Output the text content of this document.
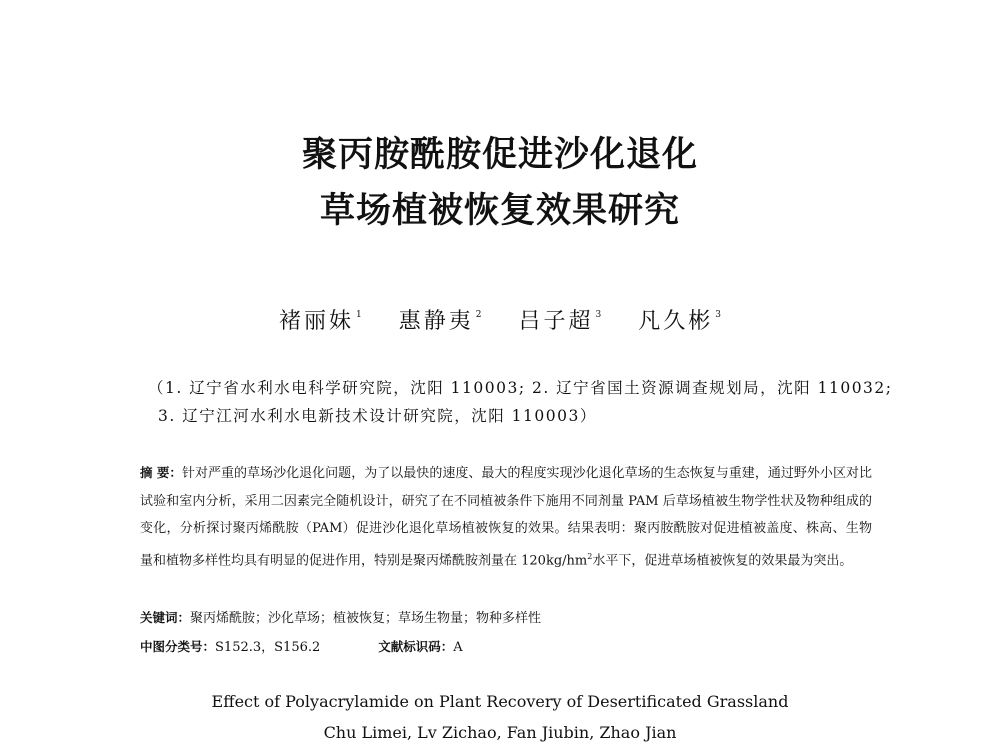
聚丙胺酰胺促进沙化退化
草场植被恢复效果研究
褚丽妹 $^1$ 惠静夷 $^2$ 吕子超 $^3$ 凡久彬 $^3$
（1. 辽宁省水利水电科学研究院，沈阳 110003; 2. 辽宁省国土资源调查规划局，沈阳 110032;
3. 辽宁江河水利水电新技术设计研究院，沈阳 110003）
摘 要：针对严重的草场沙化退化问题，为了以最快的速度、最大的程度实现沙化退化草场的生态恢复与重建，通过野外小区对比试验和室内分析，采用二因素完全随机设计，研究了在不同植被条件下施用不同剂量 PAM 后草场植被生物学性状及物种组成的变化，分析探讨聚丙烯酰胺（PAM）促进沙化退化草场植被恢复的效果。结果表明：聚丙胺酰胺对促进植被盖度、株高、生物量和植物多样性均具有明显的促进作用，特别是聚丙烯酰胺剂量在 $120kg/hm^2$水平下，促进草场植被恢复的效果最为突出。
关键词：聚丙烯酰胺；沙化草场；植被恢复；草场生物量；物种多样性
中图分类号：S152.3，S156.2	文献标识码：A
Effect of Polyacrylamide on Plant Recovery of Desertificated Grassland
Chu Limei, Lv Zichao, Fan Jiubin, Zhao Jian
